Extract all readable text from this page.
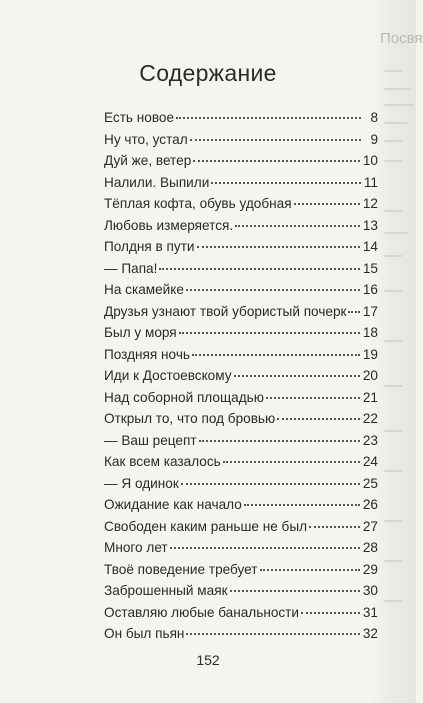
Посвя
Содержание
Есть новое	8
Ну что, устал	9
Дуй же, ветер	10
Налили. Выпили	11
Тёплая кофта, обувь удобная	12
Любовь измеряется.	13
Полдня в пути	14
— Папа!	15
На скамейке	16
Друзья узнают твой убористый почерк 17
Был у моря	18
Поздняя ночь	19
Иди к Достоевскому	20
Над соборной площадью	21
Открыл то, что под бровью	22
— Ваш рецепт	23
Как всем казалось	24
— Я одинок	25
Ожидание как начало	26
Свободен каким раньше не был	27
Много лет	28
Твоё поведение требует	29
Заброшенный маяк	30
Оставляю любые банальности	31
Он был пьян	32
152
